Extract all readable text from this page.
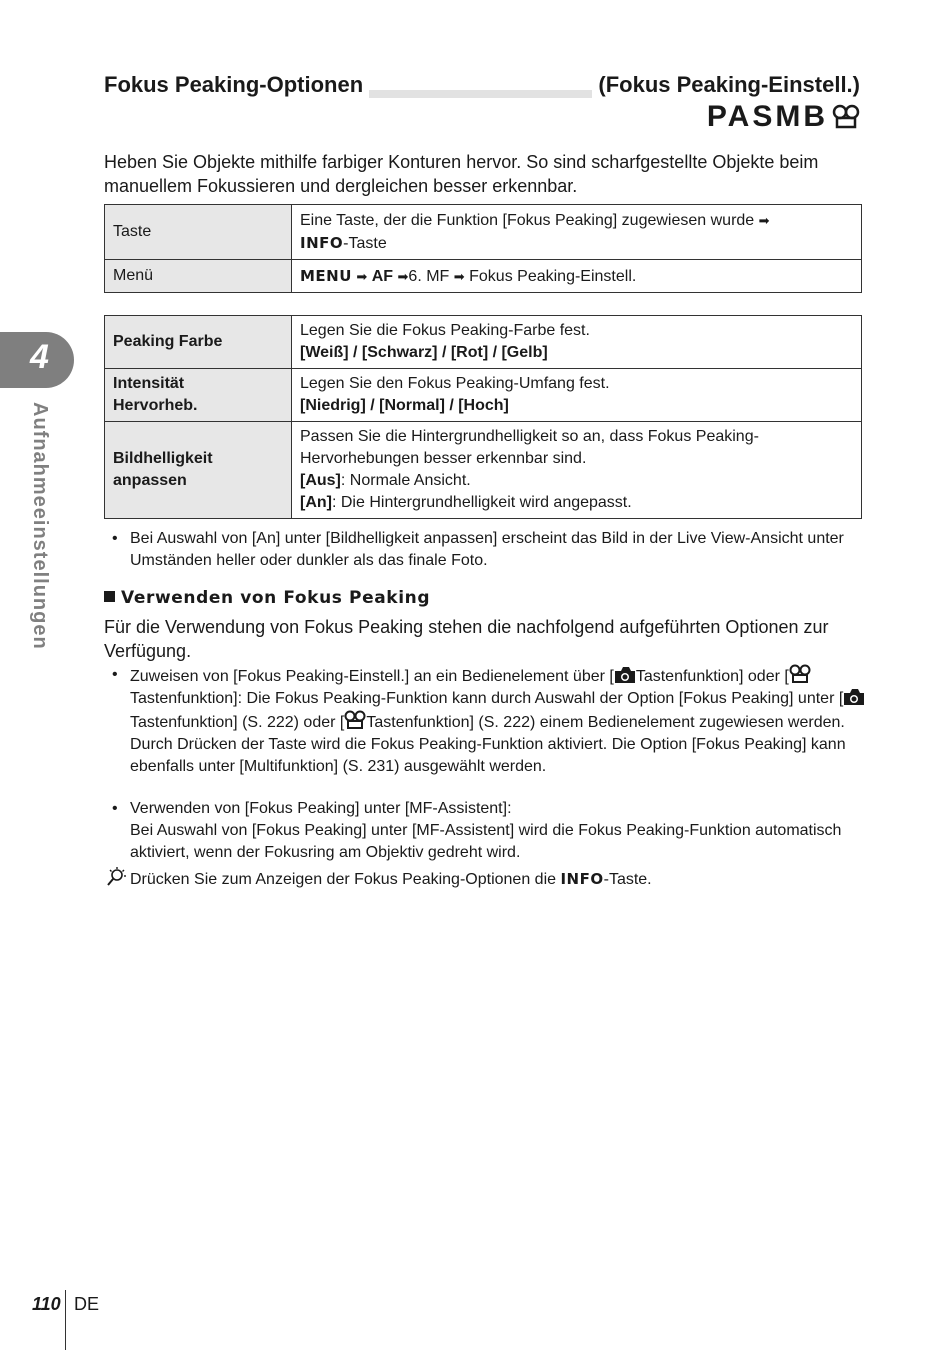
Fokus Peaking-Optionen	(Fokus Peaking-Einstell.)
PASMB
Heben Sie Objekte mithilfe farbiger Konturen hervor. So sind scharfgestellte Objekte beim manuellem Fokussieren und dergleichen besser erkennbar.
Taste	Eine Taste, der die Funktion [Fokus Peaking] zugewiesen wurde ➡
INFO-Taste
Menü	MENU ➡ AF ➡6. MF ➡ Fokus Peaking-Einstell.
Peaking Farbe	Legen Sie die Fokus Peaking-Farbe fest.
[Weiß] / [Schwarz] / [Rot] / [Gelb]
Intensität
Hervorheb.	Legen Sie den Fokus Peaking-Umfang fest.
[Niedrig] / [Normal] / [Hoch]
Bildhelligkeit
anpassen	Passen Sie die Hintergrundhelligkeit so an, dass Fokus Peaking-Hervorhebungen besser erkennbar sind.
[Aus]: Normale Ansicht.
[An]: Die Hintergrundhelligkeit wird angepasst.
• Bei Auswahl von [An] unter [Bildhelligkeit anpassen] erscheint das Bild in der Live View-Ansicht unter Umständen heller oder dunkler als das finale Foto.
Verwenden von Fokus Peaking
Für die Verwendung von Fokus Peaking stehen die nachfolgend aufgeführten Optionen zur Verfügung.
• Zuweisen von [Fokus Peaking-Einstell.] an ein Bedienelement über [ Tastenfunktion] oder [Tastenfunktion]: Die Fokus Peaking-Funktion kann durch Auswahl der Option [Fokus Peaking] unter [Tastenfunktion] (S. 222) oder [ Tastenfunktion] (S. 222) einem Bedienelement zugewiesen werden. Durch Drücken der Taste wird die Fokus Peaking-Funktion aktiviert. Die Option [Fokus Peaking] kann ebenfalls unter [Multifunktion] (S. 231) ausgewählt werden.
• Verwenden von [Fokus Peaking] unter [MF-Assistent]:
Bei Auswahl von [Fokus Peaking] unter [MF-Assistent] wird die Fokus Peaking-Funktion automatisch aktiviert, wenn der Fokusring am Objektiv gedreht wird.
Drücken Sie zum Anzeigen der Fokus Peaking-Optionen die INFO-Taste.
4
Aufnahmeeinstellungen
110 DE
